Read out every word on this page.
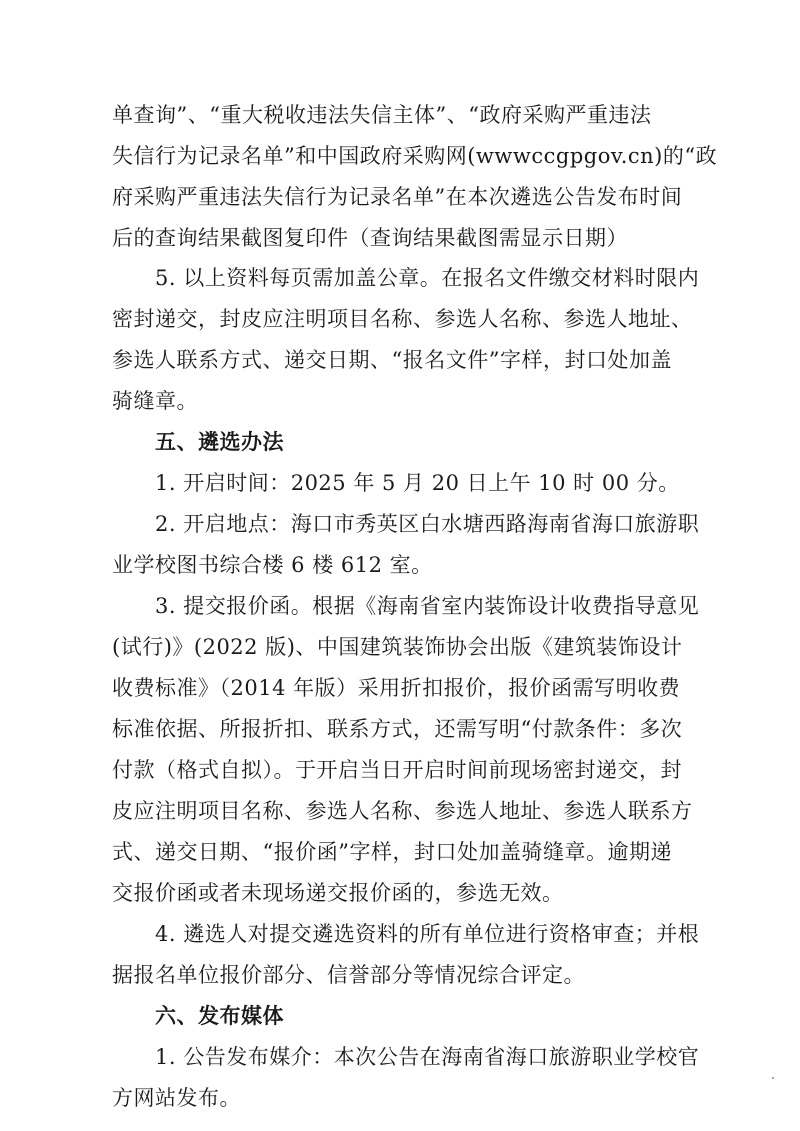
单查询”、“重大税收违法失信主体”、“政府采购严重违法
失信行为记录名单”和中国政府采购网(wwwccgpgov.cn)的“政
府采购严重违法失信行为记录名单”在本次遴选公告发布时间
后的查询结果截图复印件（查询结果截图需显示日期）
5. 以上资料每页需加盖公章。在报名文件缴交材料时限内
密封递交，封皮应注明项目名称、参选人名称、参选人地址、
参选人联系方式、递交日期、“报名文件”字样，封口处加盖
骑缝章。
五、遴选办法
1. 开启时间：2025 年 5 月 20 日上午 10 时 00 分。
2. 开启地点：海口市秀英区白水塘西路海南省海口旅游职
业学校图书综合楼 6 楼 612 室。
3. 提交报价函。根据《海南省室内装饰设计收费指导意见
(试行)》(2022 版)、中国建筑装饰协会出版《建筑装饰设计
收费标准》（2014 年版）采用折扣报价，报价函需写明收费
标准依据、所报折扣、联系方式，还需写明“付款条件：多次
付款（格式自拟）。于开启当日开启时间前现场密封递交，封
皮应注明项目名称、参选人名称、参选人地址、参选人联系方
式、递交日期、“报价函”字样，封口处加盖骑缝章。逾期递
交报价函或者未现场递交报价函的，参选无效。
4. 遴选人对提交遴选资料的所有单位进行资格审查；并根
据报名单位报价部分、信誉部分等情况综合评定。
六、发布媒体
1. 公告发布媒介：本次公告在海南省海口旅游职业学校官
方网站发布。
